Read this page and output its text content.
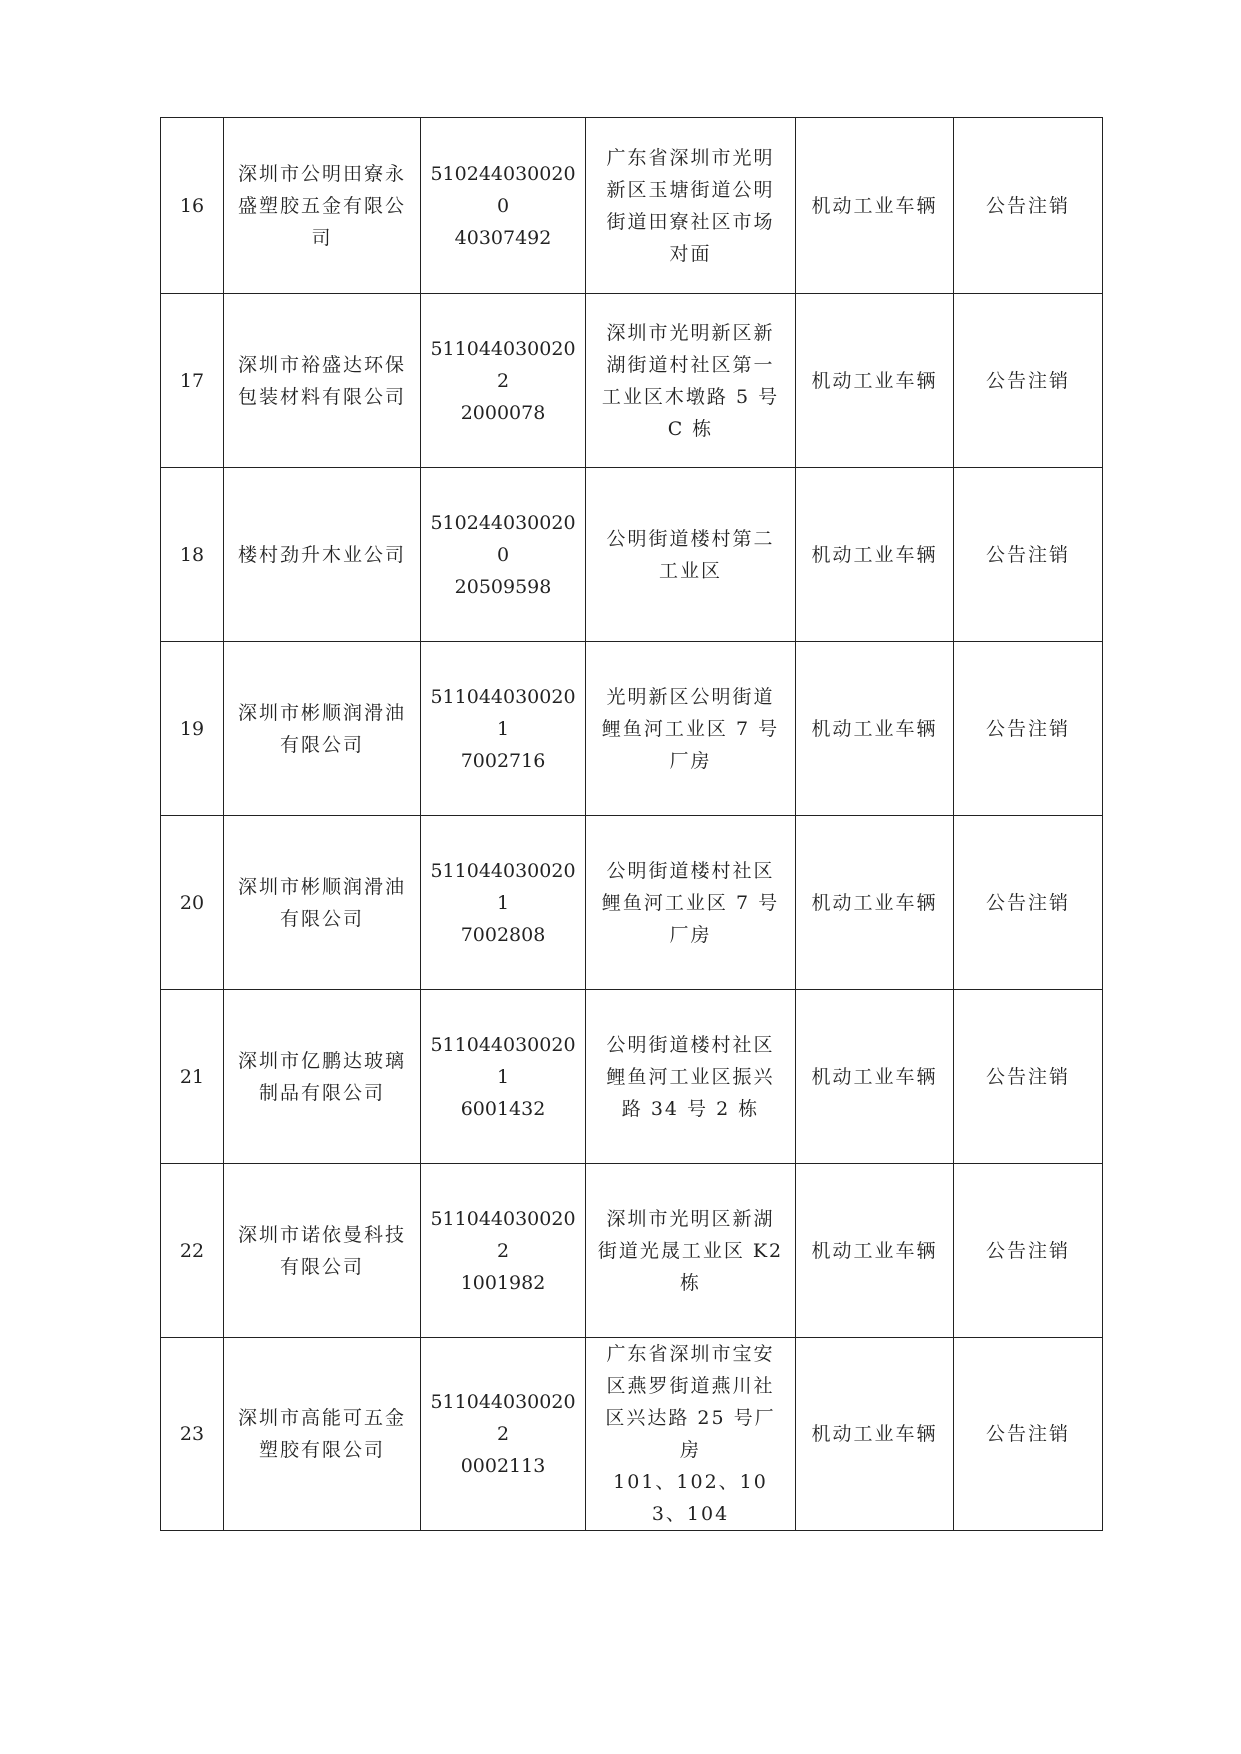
16	深圳市公明田寮永
盛塑胶五金有限公
司	5102440300200
40307492	广东省深圳市光明
新区玉塘街道公明
街道田寮社区市场
对面	机动工业车辆	公告注销
17	深圳市裕盛达环保
包装材料有限公司	5110440300202
2000078	深圳市光明新区新
湖街道村社区第一
工业区木墩路 5 号
C 栋	机动工业车辆	公告注销
18	楼村劲升木业公司	5102440300200
20509598	公明街道楼村第二
工业区	机动工业车辆	公告注销
19	深圳市彬顺润滑油
有限公司	5110440300201
7002716	光明新区公明街道
鲤鱼河工业区 7 号
厂房	机动工业车辆	公告注销
20	深圳市彬顺润滑油
有限公司	5110440300201
7002808	公明街道楼村社区
鲤鱼河工业区 7 号
厂房	机动工业车辆	公告注销
21	深圳市亿鹏达玻璃
制品有限公司	5110440300201
6001432	公明街道楼村社区
鲤鱼河工业区振兴
路 34 号 2 栋	机动工业车辆	公告注销
22	深圳市诺依曼科技
有限公司	5110440300202
1001982	深圳市光明区新湖
街道光晟工业区 K2
栋	机动工业车辆	公告注销
23	深圳市高能可五金
塑胶有限公司	5110440300202
0002113	广东省深圳市宝安
区燕罗街道燕川社
区兴达路 25 号厂房
101、102、103、104	机动工业车辆	公告注销
